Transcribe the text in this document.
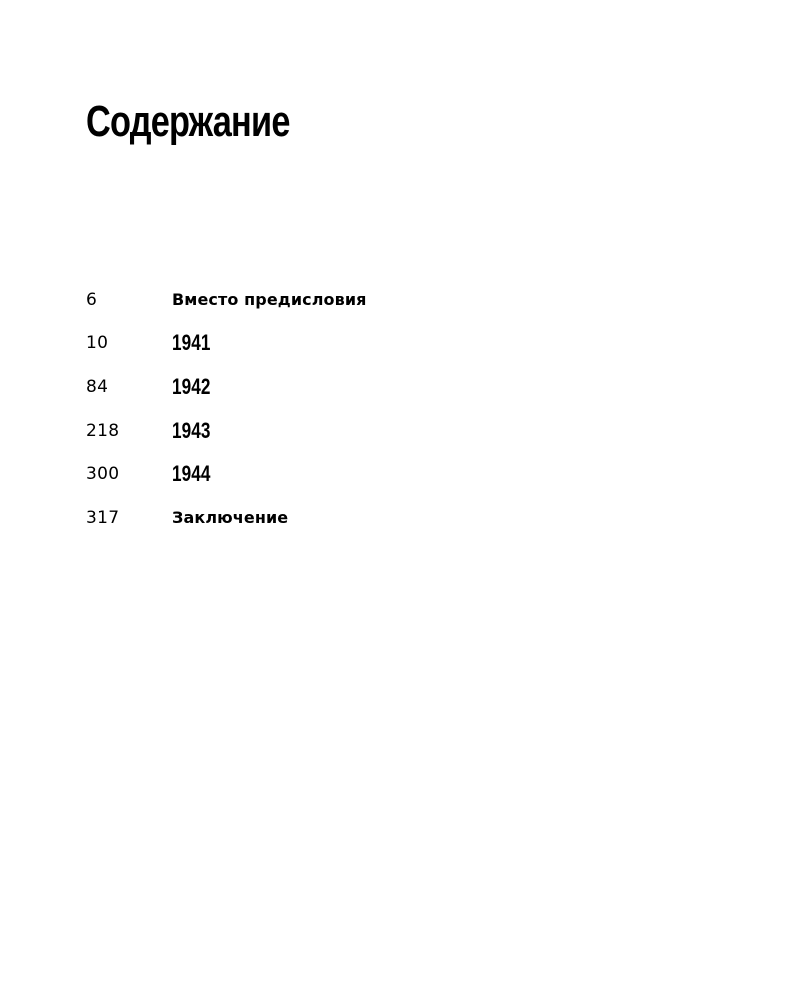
Содержание
6	Вместо предисловия
10	1941
84	1942
218	1943
300	1944
317	Заключение
